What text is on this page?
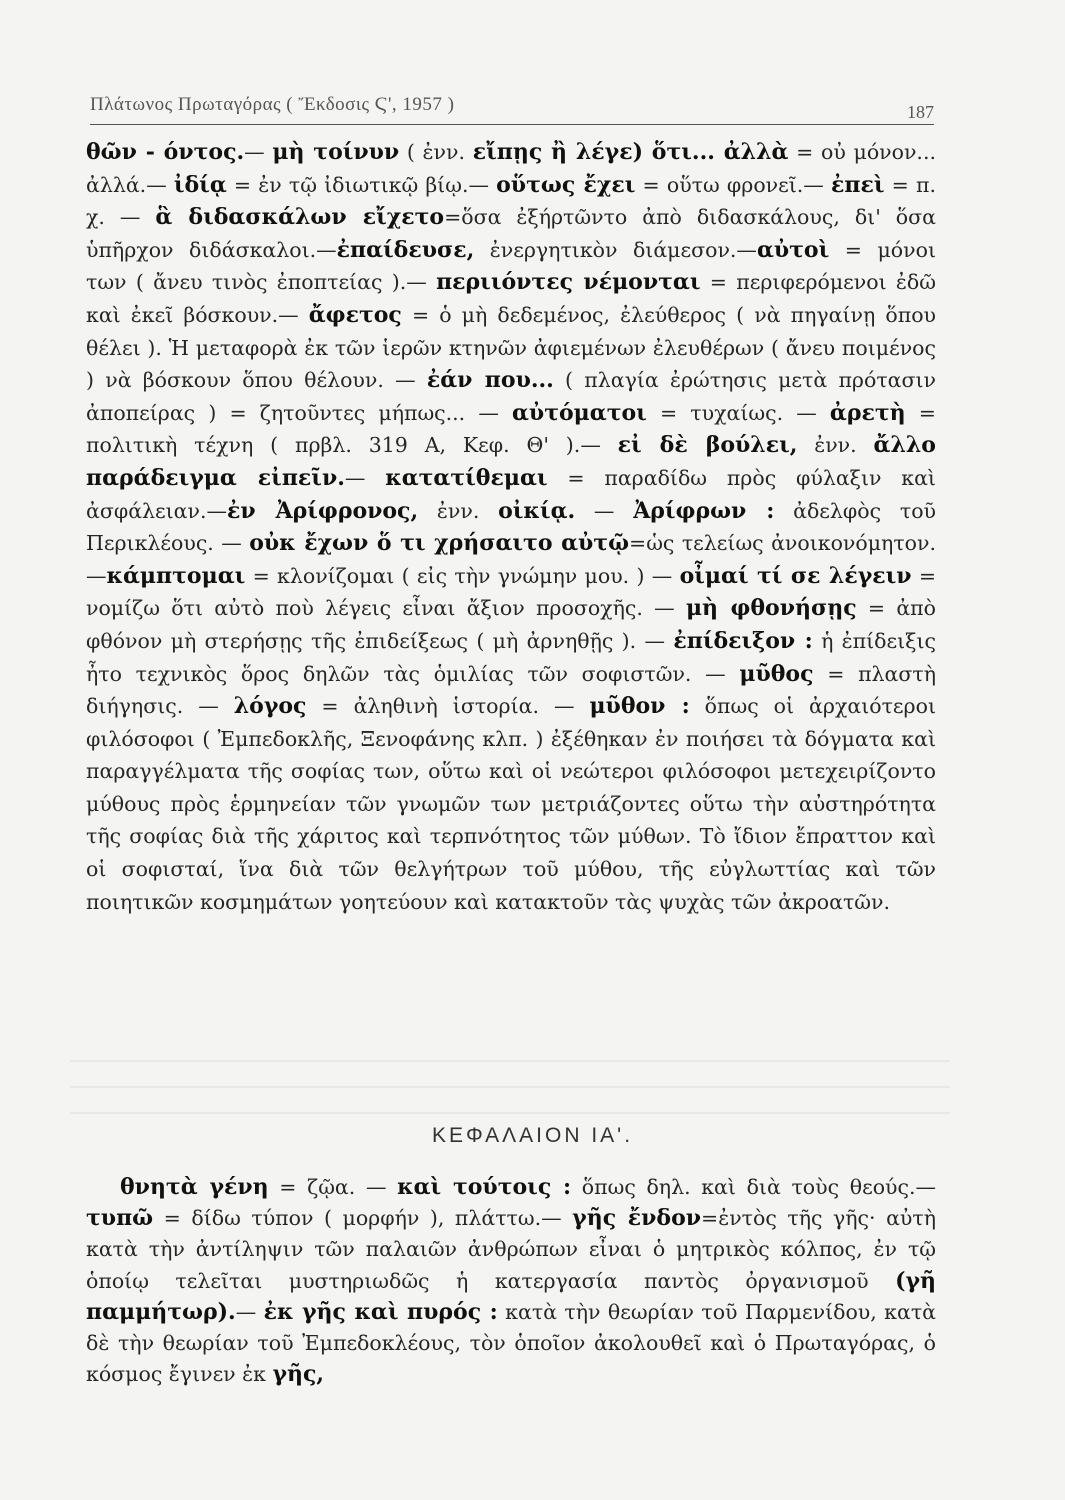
Πλάτωνος Πρωταγόρας ( Ἔκδοσις Ϛ', 1957 )	187

θῶν - όντος.— μὴ τοίνυν ( ἐνν. εἴπῃς ἢ λέγε) ὅτι... ἀλλὰ = οὐ μόνον... ἀλλά.— ἰδίᾳ = ἐν τῷ ἰδιωτικῷ βίῳ.— οὕτως ἔχει = οὕτω φρονεῖ.— ἐπεὶ = π. χ. — ἃ διδασκάλων εἴχετο=ὅσα ἐξήρτῶντο ἀπὸ διδασκάλους, δι' ὅσα ὑπῆρχον διδάσκαλοι.—ἐπαίδευσε, ἐνεργητικὸν διάμεσον.—αὐτοὶ = μόνοι των ( ἄνευ τινὸς ἐποπτείας ).— περιιόντες νέμονται = περιφερόμενοι ἐδῶ καὶ ἐκεῖ βόσκουν.— ἄφετος = ὁ μὴ δεδεμένος, ἐλεύθερος ( νὰ πηγαίνῃ ὅπου θέλει ). Ἡ μεταφορὰ ἐκ τῶν ἱερῶν κτηνῶν ἀφιεμένων ἐλευθέρων ( ἄνευ ποιμένος ) νὰ βόσκουν ὅπου θέλουν. — ἐάν που... ( πλαγία ἐρώτησις μετὰ πρότασιν ἀποπείρας ) = ζητοῦντες μήπως... — αὐτόματοι = τυχαίως. — ἀρετὴ = πολιτικὴ τέχνη ( πρβλ. 319 Α, Κεφ. Θ' ).— εἰ δὲ βούλει, ἐνν. ἄλλο παράδειγμα εἰπεῖν.— κατατίθεμαι = παραδίδω πρὸς φύλαξιν καὶ ἀσφάλειαν.—ἐν Ἀρίφρονος, ἐνν. οἰκίᾳ. — Ἀρίφρων : ἀδελφὸς τοῦ Περικλέους. — οὐκ ἔχων ὅ τι χρήσαιτο αὐτῷ=ὡς τελείως ἀνοικονόμητον.—κάμπτομαι = κλονίζομαι ( εἰς τὴν γνώμην μου. ) — οἶμαί τί σε λέγειν = νομίζω ὅτι αὐτὸ ποὺ λέγεις εἶναι ἄξιον προσοχῆς. — μὴ φθονήσῃς = ἀπὸ φθόνον μὴ στερήσῃς τῆς ἐπιδείξεως ( μὴ ἀρνηθῇς ). — ἐπίδειξον : ἡ ἐπίδειξις ἦτο τεχνικὸς ὅρος δηλῶν τὰς ὁμιλίας τῶν σοφιστῶν. — μῦθος = πλαστὴ διήγησις. — λόγος = ἀληθινὴ ἱστορία. — μῦθον : ὅπως οἱ ἀρχαιότεροι φιλόσοφοι ( Ἐμπεδοκλῆς, Ξενοφάνης κλπ. ) ἐξέθηκαν ἐν ποιήσει τὰ δόγματα καὶ παραγγέλματα τῆς σοφίας των, οὕτω καὶ οἱ νεώτεροι φιλόσοφοι μετεχειρίζοντο μύθους πρὸς ἑρμηνείαν τῶν γνωμῶν των μετριάζοντες οὕτω τὴν αὐστηρότητα τῆς σοφίας διὰ τῆς χάριτος καὶ τερπνότητος τῶν μύθων. Τὸ ἴδιον ἔπραττον καὶ οἱ σοφισταί, ἵνα διὰ τῶν θελγήτρων τοῦ μύθου, τῆς εὐγλωττίας καὶ τῶν ποιητικῶν κοσμημάτων γοητεύουν καὶ κατακτοῦν τὰς ψυχὰς τῶν ἀκροατῶν.

ΚΕΦΑΛΑΙΟΝ ΙΑ'.

θνητὰ γένη = ζῷα. — καὶ τούτοις : ὅπως δηλ. καὶ διὰ τοὺς θεούς.— τυπῶ = δίδω τύπον ( μορφήν ), πλάττω.— γῆς ἔνδον=ἐντὸς τῆς γῆς· αὐτὴ κατὰ τὴν ἀντίληψιν τῶν παλαιῶν ἀνθρώπων εἶναι ὁ μητρικὸς κόλπος, ἐν τῷ ὁποίῳ τελεῖται μυστηριωδῶς ἡ κατεργασία παντὸς ὀργανισμοῦ (γῆ παμμήτωρ).— ἐκ γῆς καὶ πυρός : κατὰ τὴν θεωρίαν τοῦ Παρμενίδου, κατὰ δὲ τὴν θεωρίαν τοῦ Ἐμπεδοκλέους, τὸν ὁποῖον ἀκολουθεῖ καὶ ὁ Πρωταγόρας, ὁ κόσμος ἔγινεν ἐκ γῆς,
